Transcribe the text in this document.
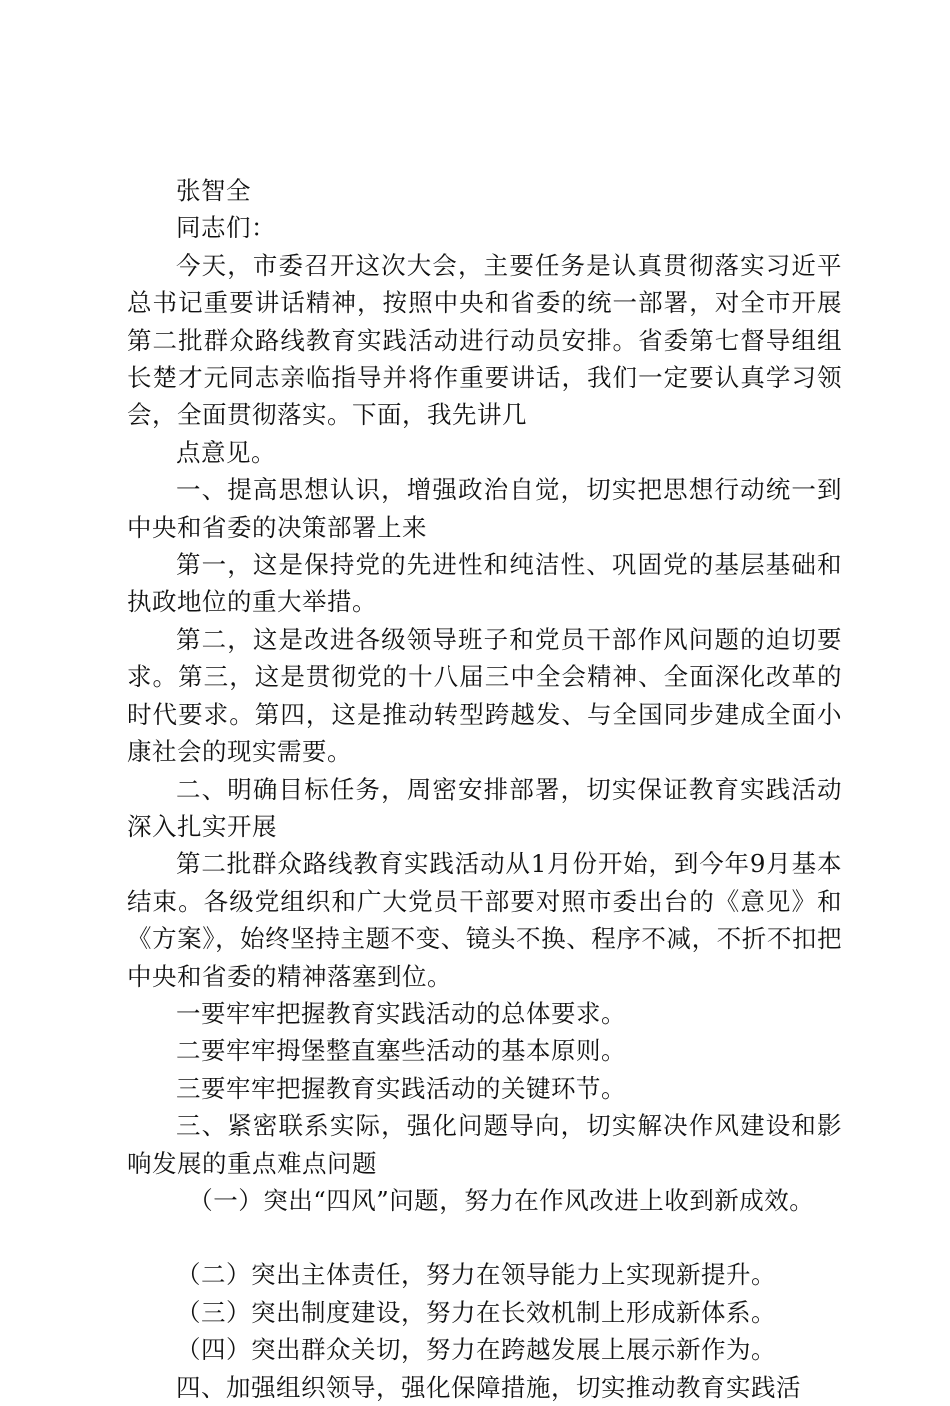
张智全

同志们：

今天，市委召开这次大会，主要任务是认真贯彻落实习近平总书记重要讲话精神，按照中央和省委的统一部署，对全市开展第二批群众路线教育实践活动进行动员安排。省委第七督导组组长楚才元同志亲临指导并将作重要讲话，我们一定要认真学习领会，全面贯彻落实。下面，我先讲几

点意见。

一、提高思想认识，增强政治自觉，切实把思想行动统一到中央和省委的决策部署上来

第一，这是保持党的先进性和纯洁性、巩固党的基层基础和执政地位的重大举措。

第二，这是改进各级领导班子和党员干部作风问题的迫切要求。第三，这是贯彻党的十八届三中全会精神、全面深化改革的时代要求。第四，这是推动转型跨越发、与全国同步建成全面小康社会的现实需要。

二、明确目标任务，周密安排部署，切实保证教育实践活动深入扎实开展

第二批群众路线教育实践活动从1月份开始，到今年9月基本结束。各级党组织和广大党员干部要对照市委出台的《意见》和《方案》，始终坚持主题不变、镜头不换、程序不减，不折不扣把中央和省委的精神落塞到位。

一要牢牢把握教育实践活动的总体要求。

二要牢牢拇堡整直塞些活动的基本原则。

三要牢牢把握教育实践活动的关键环节。

三、紧密联系实际，强化问题导向，切实解决作风建设和影响发展的重点难点问题

（一）突出“四风”问题，努力在作风改进上收到新成效。

（二）突出主体责任，努力在领导能力上实现新提升。

（三）突出制度建设，努力在长效机制上形成新体系。

（四）突出群众关切，努力在跨越发展上展示新作为。

四、加强组织领导，强化保障措施，切实推动教育实践活
